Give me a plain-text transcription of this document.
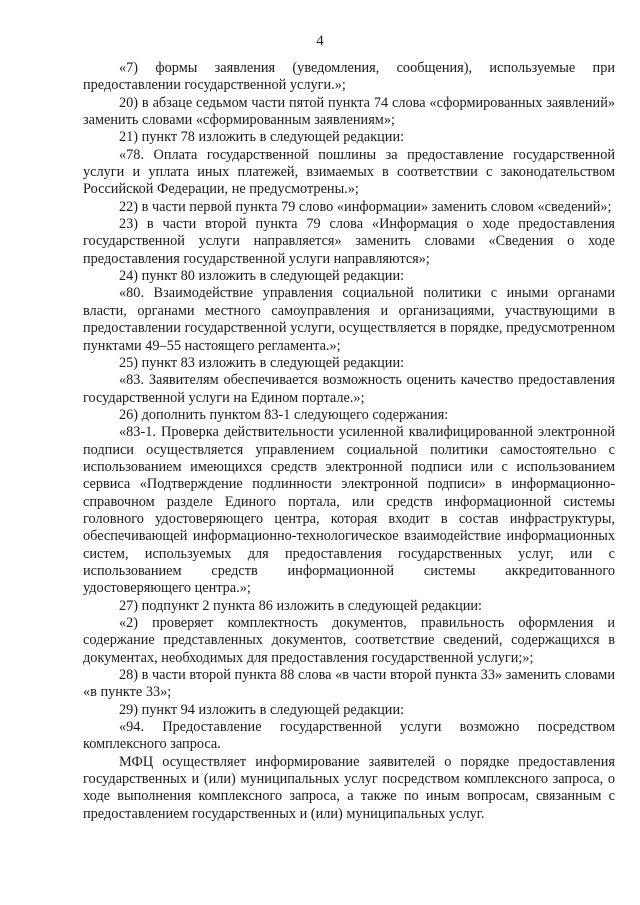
4

«7) формы заявления (уведомления, сообщения), используемые при предоставлении государственной услуги.»;

20) в абзаце седьмом части пятой пункта 74 слова «сформированных заявлений» заменить словами «сформированным заявлениям»;

21) пункт 78 изложить в следующей редакции:

«78. Оплата государственной пошлины за предоставление государственной услуги и уплата иных платежей, взимаемых в соответствии с законодательством Российской Федерации, не предусмотрены.»;

22) в части первой пункта 79 слово «информации» заменить словом «сведений»;

23) в части второй пункта 79 слова «Информация о ходе предоставления государственной услуги направляется» заменить словами «Сведения о ходе предоставления государственной услуги направляются»;

24) пункт 80 изложить в следующей редакции:

«80. Взаимодействие управления социальной политики с иными органами власти, органами местного самоуправления и организациями, участвующими в предоставлении государственной услуги, осуществляется в порядке, предусмотренном пунктами 49–55 настоящего регламента.»;

25) пункт 83 изложить в следующей редакции:

«83. Заявителям обеспечивается возможность оценить качество предоставления государственной услуги на Едином портале.»;

26) дополнить пунктом 83-1 следующего содержания:

«83-1. Проверка действительности усиленной квалифицированной электронной подписи осуществляется управлением социальной политики самостоятельно с использованием имеющихся средств электронной подписи или с использованием сервиса «Подтверждение подлинности электронной подписи» в информационно-справочном разделе Единого портала, или средств информационной системы головного удостоверяющего центра, которая входит в состав инфраструктуры, обеспечивающей информационно-технологическое взаимодействие информационных систем, используемых для предоставления государственных услуг, или с использованием средств информационной системы аккредитованного удостоверяющего центра.»;

27) подпункт 2 пункта 86 изложить в следующей редакции:

«2) проверяет комплектность документов, правильность оформления и содержание представленных документов, соответствие сведений, содержащихся в документах, необходимых для предоставления государственной услуги;»;

28) в части второй пункта 88 слова «в части второй пункта 33» заменить словами «в пункте 33»;

29) пункт 94 изложить в следующей редакции:

«94. Предоставление государственной услуги возможно посредством комплексного запроса.

МФЦ осуществляет информирование заявителей о порядке предоставления государственных и (или) муниципальных услуг посредством комплексного запроса, о ходе выполнения комплексного запроса, а также по иным вопросам, связанным с предоставлением государственных и (или) муниципальных услуг.
